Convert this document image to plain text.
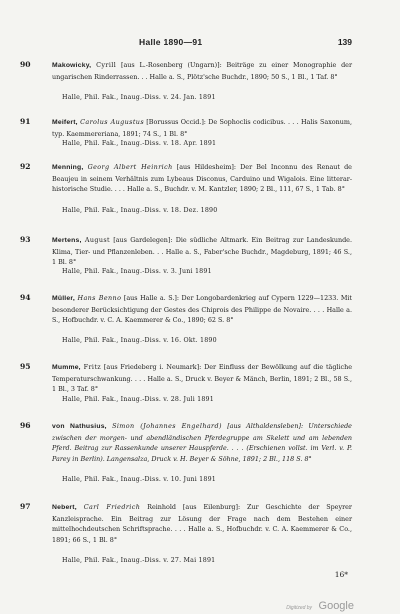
Halle 1890—91	139
90	Makowicky, Cyrill [aus L.-Rosenberg (Ungarn)]: Beiträge zu einer Monographie der ungarischen Rinderrassen. . . Halle a. S., Plötz'sche Buchdr., 1890; 50 S., 1 Bl., 1 Taf. 8°
Halle, Phil. Fak., Inaug.-Diss. v. 24. Jan. 1891
91	Meifert, Carolus Augustus [Borussus Occid.]: De Sophoclis codicibus. . . . Halis Saxonum, typ. Kaemmereriana, 1891; 74 S., 1 Bl. 8°
Halle, Phil. Fak., Inaug.-Diss. v. 18. Apr. 1891
92	Menning, Georg Albert Heinrich [aus Hildesheim]: Der Bel Inconnu des Renaut de Beaujeu in seinem Verhältnis zum Lybeaus Disconus, Carduino und Wigalois. Eine litterar-historische Studie. . . . Halle a. S., Buchdr. v. M. Kantzler, 1890; 2 Bl., 111, 67 S., 1 Tab. 8°
Halle, Phil. Fak., Inaug.-Diss. v. 18. Dez. 1890
93	Mertens, August [aus Gardelegen]: Die südliche Altmark. Ein Beitrag zur Landeskunde. Klima, Tier- und Pflanzenleben. . . Halle a. S., Faber'sche Buchdr., Magdeburg, 1891; 46 S., 1 Bl. 8°
Halle, Phil. Fak., Inaug.-Diss. v. 3. Juni 1891
94	Müller, Hans Benno [aus Halle a. S.]: Der Longobardenkrieg auf Cypern 1229—1233. Mit besonderer Berücksichtigung der Gestes des Chiprois des Philippe de Novaire. . . . Halle a. S., Hofbuchdr. v. C. A. Kaemmerer & Co., 1890; 62 S. 8°
Halle, Phil. Fak., Inaug.-Diss. v. 16. Okt. 1890
95	Mumme, Fritz [aus Friedeberg i. Neumark]: Der Einfluss der Bewölkung auf die tägliche Temperaturschwankung. . . . Halle a. S., Druck v. Beyer & Mänch, Berlin, 1891; 2 Bl., 58 S., 1 Bl., 3 Taf. 8°
Halle, Phil. Fak., Inaug.-Diss. v. 28. Juli 1891
96	von Nathusius, Simon (Johannes Engelhard) [aus Althaldensleben]: Unterschiede zwischen der morgen- und abendländischen Pferdegruppe am Skelett und am lebenden Pferd. Beitrag zur Rassenkunde unserer Hauspferde. . . . (Erschienen vollst. im Verl. v. P. Parey in Berlin). Langensalza, Druck v. H. Beyer & Söhne, 1891; 2 Bl., 118 S. 8°
Halle, Phil. Fak., Inaug.-Diss. v. 10. Juni 1891
97	Nebert, Carl Friedrich Reinhold [aus Eilenburg]: Zur Geschichte der Speyrer Kanzleisprache. Ein Beitrag zur Lösung der Frage nach dem Bestehen einer mittelhochdeutschen Schriftsprache. . . . Halle a. S., Hofbuchdr. v. C. A. Kaemmerer & Co., 1891; 66 S., 1 Bl. 8°
Halle, Phil. Fak., Inaug.-Diss. v. 27. Mai 1891
16*
Digitized by Google
